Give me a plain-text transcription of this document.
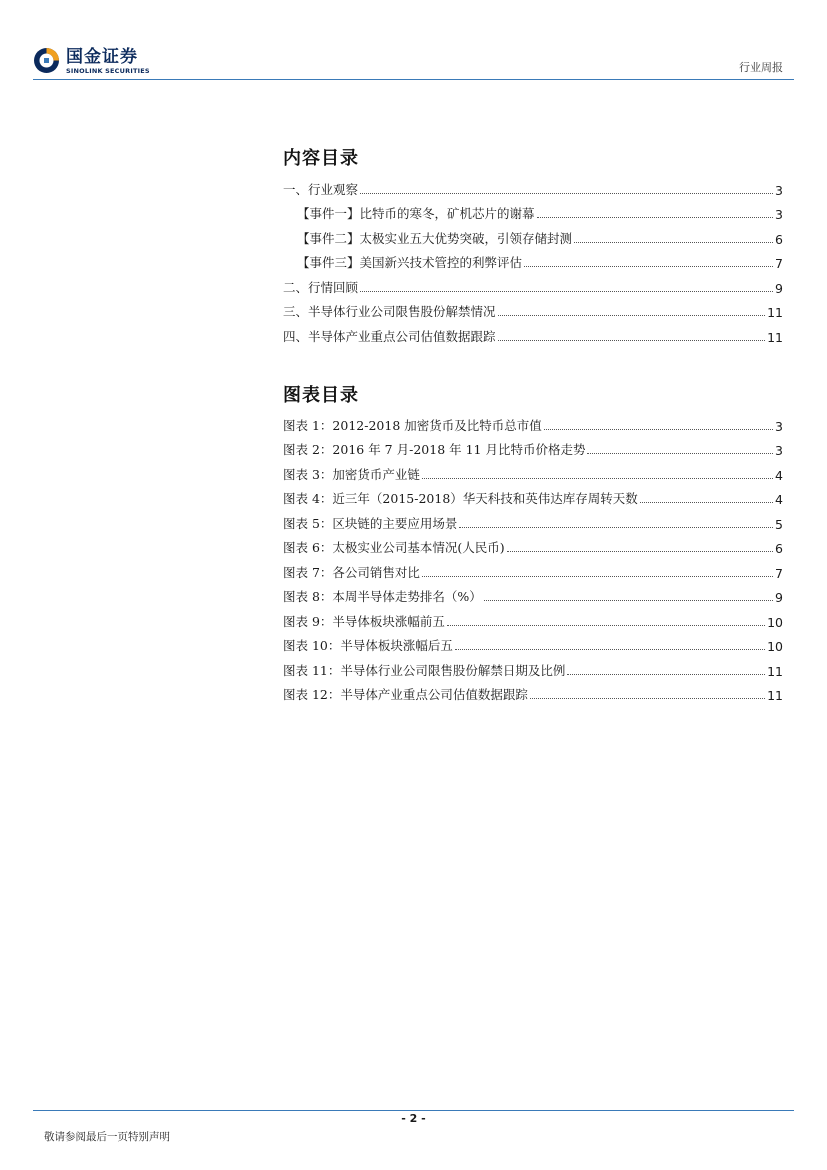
国金证券
SINOLINK SECURITIES	行业周报
内容目录
一、行业观察	3
【事件一】比特币的寒冬，矿机芯片的谢幕	3
【事件二】太极实业五大优势突破，引领存储封测	6
【事件三】美国新兴技术管控的利弊评估	7
二、行情回顾	9
三、半导体行业公司限售股份解禁情况	11
四、半导体产业重点公司估值数据跟踪	11
图表目录
图表 1：2012-2018 加密货币及比特币总市值	3
图表 2：2016 年 7 月-2018 年 11 月比特币价格走势	3
图表 3：加密货币产业链	4
图表 4：近三年（2015-2018）华天科技和英伟达库存周转天数	4
图表 5：区块链的主要应用场景	5
图表 6：太极实业公司基本情况(人民币)	6
图表 7：各公司销售对比	7
图表 8：本周半导体走势排名（%）	9
图表 9：半导体板块涨幅前五	10
图表 10：半导体板块涨幅后五	10
图表 11：半导体行业公司限售股份解禁日期及比例	11
图表 12：半导体产业重点公司估值数据跟踪	11
- 2 -
敬请参阅最后一页特别声明
